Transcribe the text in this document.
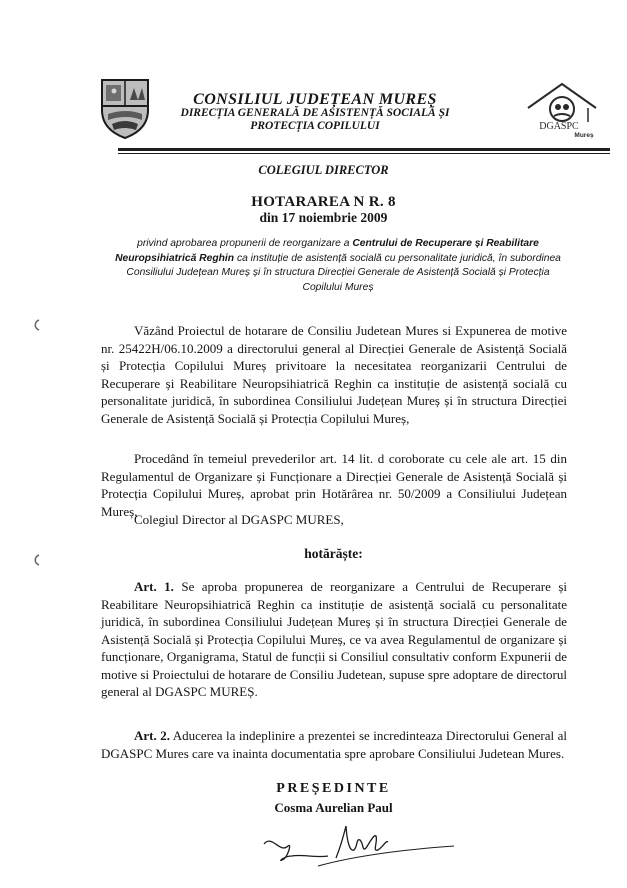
DGASPC
Mureș
CONSILIUL JUDEȚEAN MUREȘ
DIRECȚIA GENERALĂ DE ASISTENȚĂ SOCIALĂ ȘI
PROTECȚIA COPILULUI
COLEGIUL DIRECTOR
HOTARAREA N R. 8
din 17 noiembrie 2009
privind aprobarea propunerii de reorganizare a Centrului de Recuperare și Reabilitare Neuropsihiatrică Reghin ca instituție de asistență socială cu personalitate juridică, în subordinea Consiliului Județean Mureș și în structura Direcției Generale de Asistență Socială și Protecția Copilului Mureș

Văzând Proiectul de hotarare de Consiliu Judetean Mures si Expunerea de motive nr. 25422H/06.10.2009 a directorului general al Direcției Generale de Asistență Socială și Protecția Copilului Mureș privitoare la necesitatea reorganizarii Centrului de Recuperare și Reabilitare Neuropsihiatrică Reghin ca instituție de asistență socială cu personalitate juridică, în subordinea Consiliului Județean Mureș și în structura Direcției Generale de Asistență Socială și Protecția Copilului Mureș,

Procedând în temeiul prevederilor art. 14 lit. d coroborate cu cele ale art. 15 din Regulamentul de Organizare și Funcționare a Direcției Generale de Asistență Socială și Protecția Copilului Mureș, aprobat prin Hotărârea nr. 50/2009 a Consiliului Județean Mureș,

Colegiul Director al DGASPC MURES,

hotărăște:

Art. 1. Se aproba propunerea de reorganizare a Centrului de Recuperare și Reabilitare Neuropsihiatrică Reghin ca instituție de asistență socială cu personalitate juridică, în subordinea Consiliului Județean Mureș și în structura Direcției Generale de Asistență Socială și Protecția Copilului Mureș, ce va avea Regulamentul de organizare și funcționare, Organigrama, Statul de funcții si Consiliul consultativ conform Expunerii de motive si Proiectului de hotarare de Consiliu Judetean, supuse spre adoptare de directorul general al DGASPC MUREȘ.

Art. 2. Aducerea la indeplinire a prezentei se incredinteaza Directorului General al DGASPC Mures care va inainta documentatia spre aprobare Consiliului Judetean Mures.

PREȘEDINTE
Cosma Aurelian Paul
